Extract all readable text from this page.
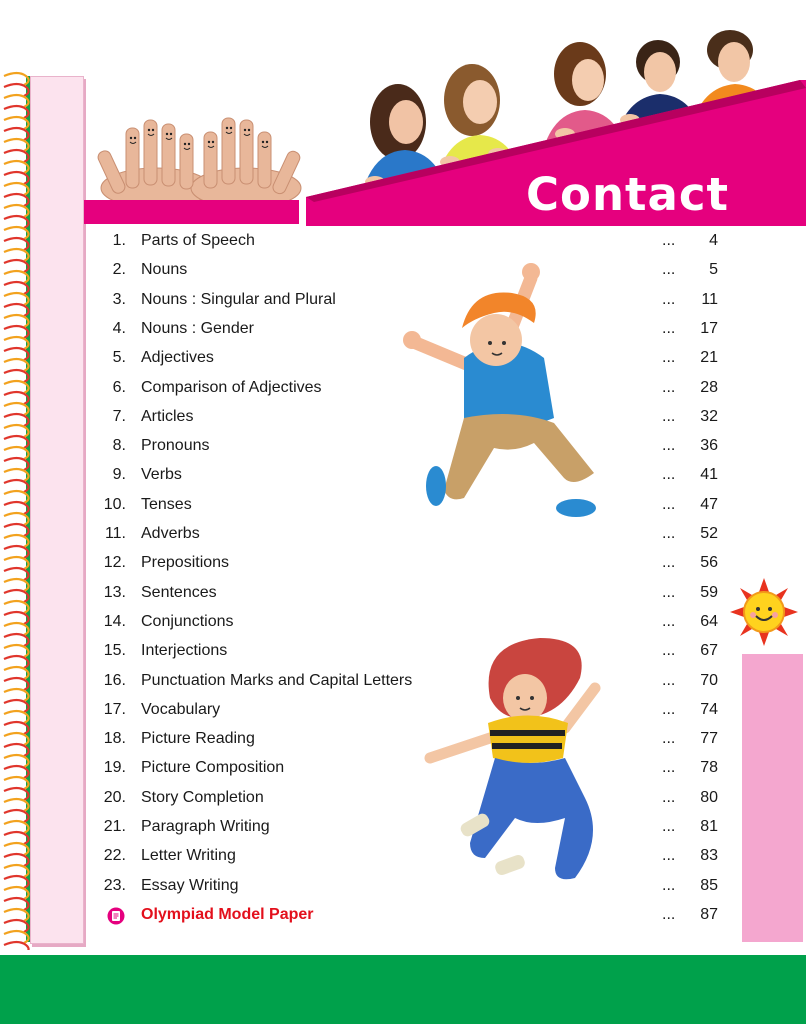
Contact
1. Parts of Speech	...	4
2. Nouns	...	5
3. Nouns : Singular and Plural	...	11
4. Nouns : Gender	...	17
5. Adjectives	...	21
6. Comparison of Adjectives	...	28
7. Articles	...	32
8. Pronouns	...	36
9. Verbs	...	41
10. Tenses	...	47
11. Adverbs	...	52
12. Prepositions	...	56
13. Sentences	...	59
14. Conjunctions	...	64
15. Interjections	...	67
16. Punctuation Marks and Capital Letters	...	70
17. Vocabulary	...	74
18. Picture Reading	...	77
19. Picture Composition	...	78
20. Story Completion	...	80
21. Paragraph Writing	...	81
22. Letter Writing	...	83
23. Essay Writing	...	85
Olympiad Model Paper	...	87
